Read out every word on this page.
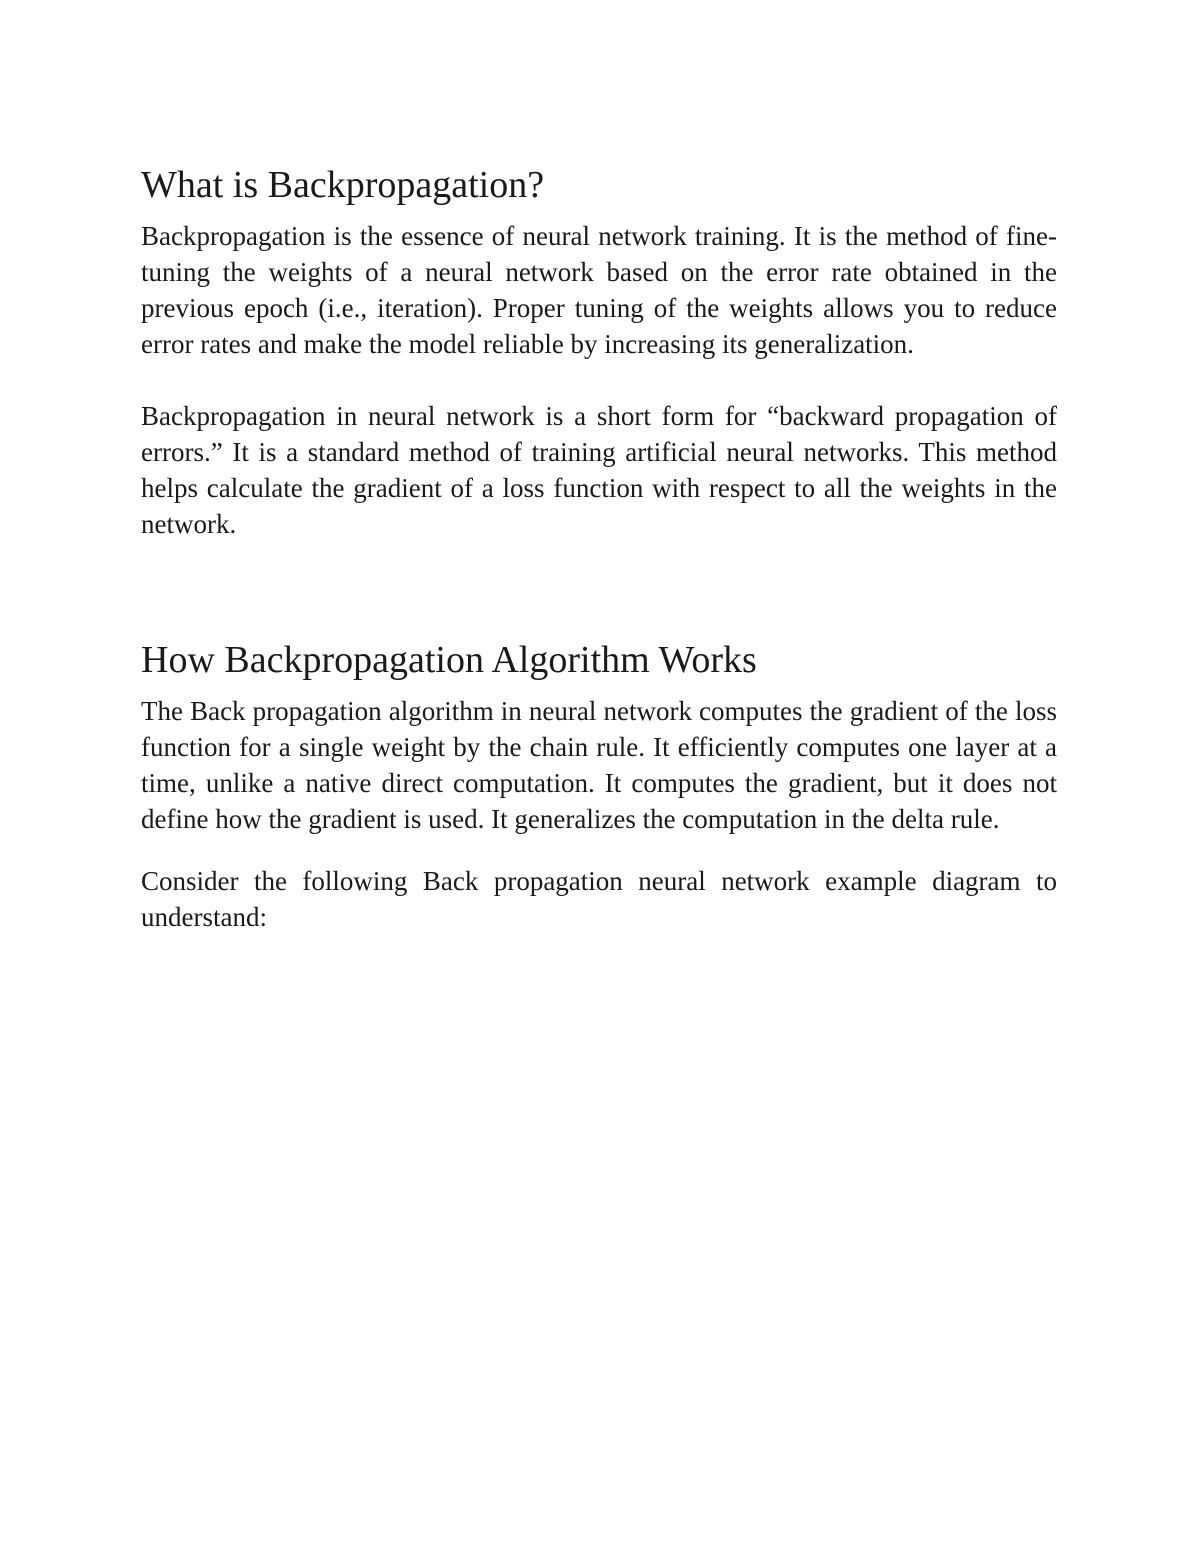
What is Backpropagation?

Backpropagation is the essence of neural network training. It is the method of fine-tuning the weights of a neural network based on the error rate obtained in the previous epoch (i.e., iteration). Proper tuning of the weights allows you to reduce error rates and make the model reliable by increasing its generalization.

Backpropagation in neural network is a short form for “backward propagation of errors.” It is a standard method of training artificial neural networks. This method helps calculate the gradient of a loss function with respect to all the weights in the network.

How Backpropagation Algorithm Works

The Back propagation algorithm in neural network computes the gradient of the loss function for a single weight by the chain rule. It efficiently computes one layer at a time, unlike a native direct computation. It computes the gradient, but it does not define how the gradient is used. It generalizes the computation in the delta rule.

Consider the following Back propagation neural network example diagram to understand:
